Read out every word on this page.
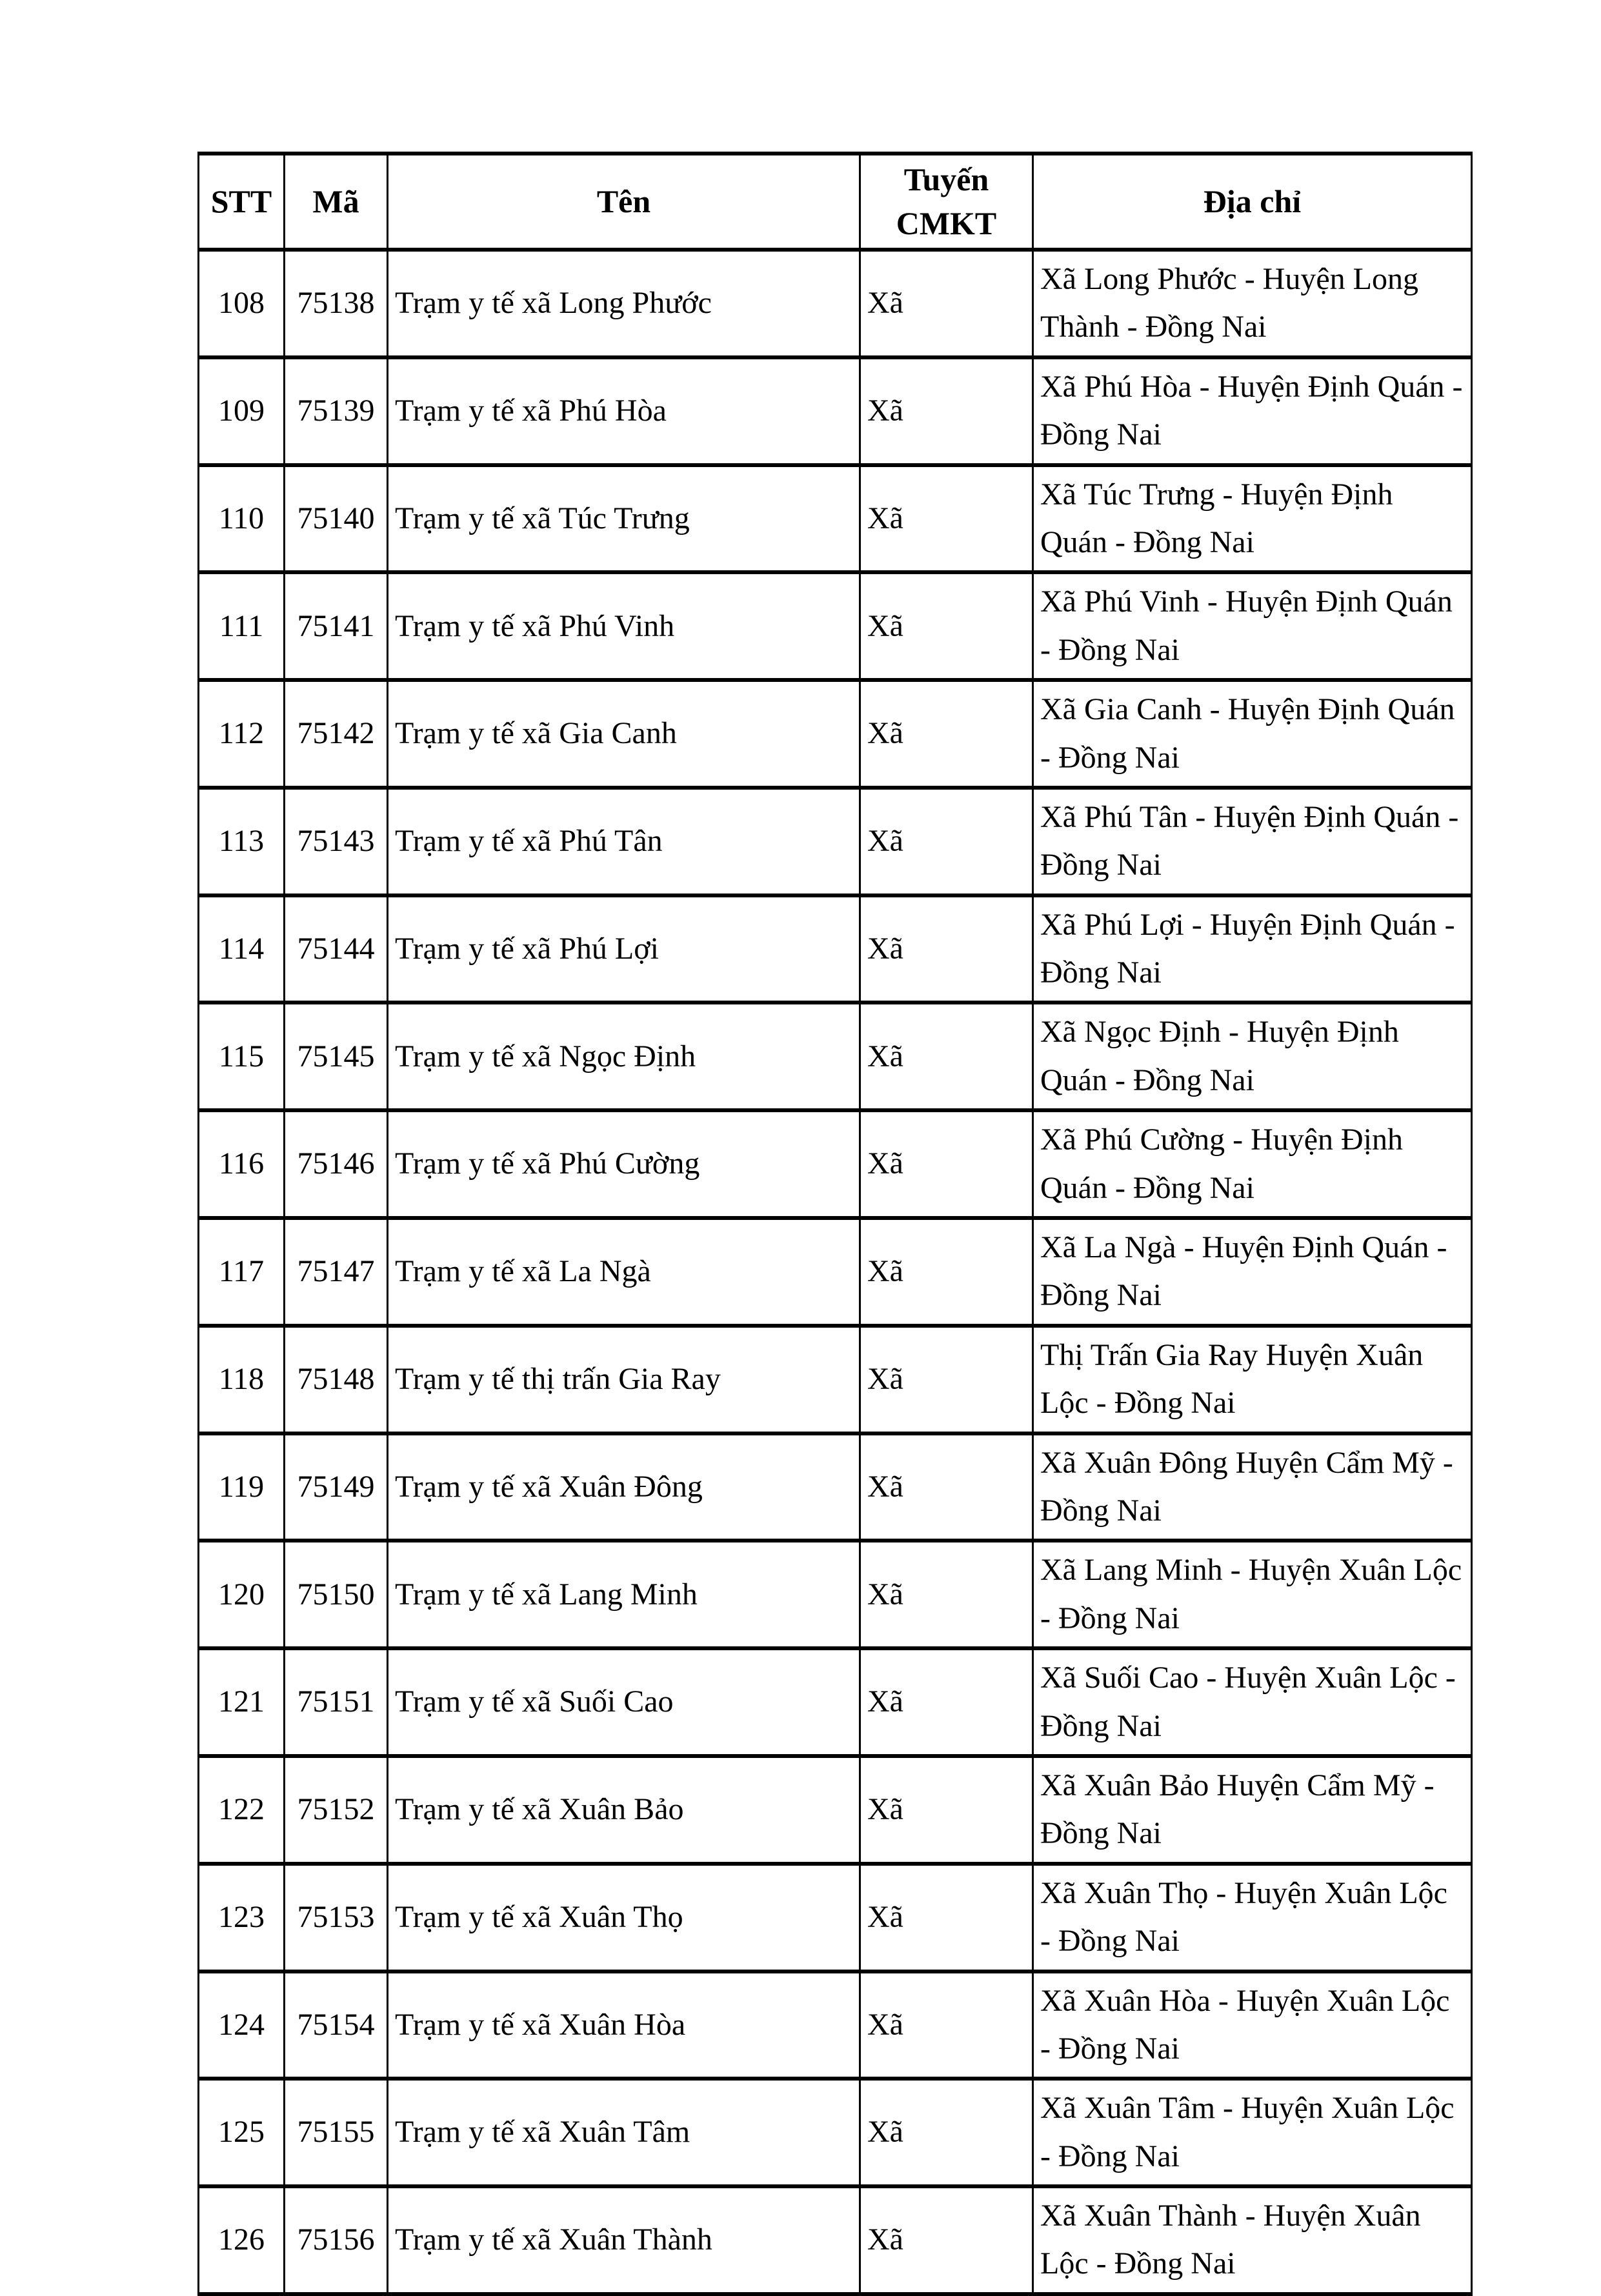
STT	Mã	Tên	Tuyến CMKT	Địa chỉ
108	75138	Trạm y tế xã Long Phước	Xã	Xã Long Phước - Huyện Long Thành - Đồng Nai
109	75139	Trạm y tế xã Phú Hòa	Xã	Xã Phú Hòa - Huyện Định Quán - Đồng Nai
110	75140	Trạm y tế xã Túc Trưng	Xã	Xã Túc Trưng - Huyện Định Quán - Đồng Nai
111	75141	Trạm y tế xã Phú Vinh	Xã	Xã Phú Vinh - Huyện Định Quán - Đồng Nai
112	75142	Trạm y tế xã Gia Canh	Xã	Xã Gia Canh - Huyện Định Quán - Đồng Nai
113	75143	Trạm y tế xã Phú Tân	Xã	Xã Phú Tân - Huyện Định Quán - Đồng Nai
114	75144	Trạm y tế xã Phú Lợi	Xã	Xã Phú Lợi - Huyện Định Quán - Đồng Nai
115	75145	Trạm y tế xã Ngọc Định	Xã	Xã Ngọc Định - Huyện Định Quán - Đồng Nai
116	75146	Trạm y tế xã Phú Cường	Xã	Xã Phú Cường - Huyện Định Quán - Đồng Nai
117	75147	Trạm y tế xã La Ngà	Xã	Xã La Ngà - Huyện Định Quán - Đồng Nai
118	75148	Trạm y tế thị trấn Gia Ray	Xã	Thị Trấn Gia Ray Huyện Xuân Lộc - Đồng Nai
119	75149	Trạm y tế xã Xuân Đông	Xã	Xã Xuân Đông Huyện Cẩm Mỹ - Đồng Nai
120	75150	Trạm y tế xã Lang Minh	Xã	Xã Lang Minh - Huyện Xuân Lộc - Đồng Nai
121	75151	Trạm y tế xã Suối Cao	Xã	Xã Suối Cao - Huyện Xuân Lộc - Đồng Nai
122	75152	Trạm y tế xã Xuân Bảo	Xã	Xã Xuân Bảo Huyện Cẩm Mỹ - Đồng Nai
123	75153	Trạm y tế xã Xuân Thọ	Xã	Xã Xuân Thọ - Huyện Xuân Lộc - Đồng Nai
124	75154	Trạm y tế xã Xuân Hòa	Xã	Xã Xuân Hòa - Huyện Xuân Lộc - Đồng Nai
125	75155	Trạm y tế xã Xuân Tâm	Xã	Xã Xuân Tâm - Huyện Xuân Lộc - Đồng Nai
126	75156	Trạm y tế xã Xuân Thành	Xã	Xã Xuân Thành - Huyện Xuân Lộc - Đồng Nai
